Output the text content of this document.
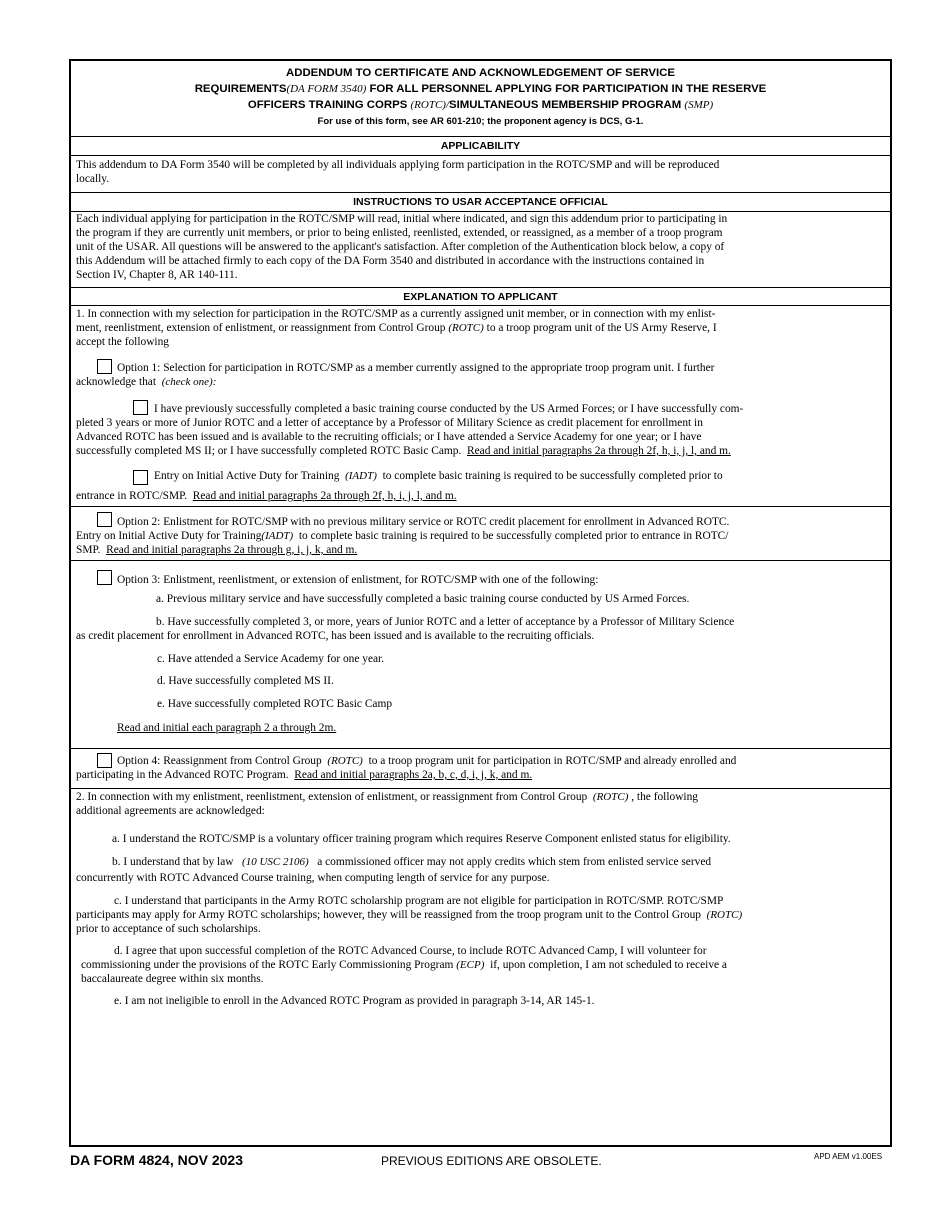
ADDENDUM TO CERTIFICATE AND ACKNOWLEDGEMENT OF SERVICE
REQUIREMENTS(DA FORM 3540) FOR ALL PERSONNEL APPLYING FOR PARTICIPATION IN THE RESERVE
OFFICERS TRAINING CORPS (ROTC)/SIMULTANEOUS MEMBERSHIP PROGRAM (SMP)
For use of this form, see AR 601-210; the proponent agency is DCS, G-1.
APPLICABILITY
This addendum to DA Form 3540 will be completed by all individuals applying form participation in the ROTC/SMP and will be reproduced
locally.
INSTRUCTIONS TO USAR ACCEPTANCE OFFICIAL
Each individual applying for participation in the ROTC/SMP will read, initial where indicated, and sign this addendum prior to participating in
the program if they are currently unit members, or prior to being enlisted, reenlisted, extended, or reassigned, as a member of a troop program
unit of the USAR. All questions will be answered to the applicant's satisfaction. After completion of the Authentication block below, a copy of
this Addendum will be attached firmly to each copy of the DA Form 3540 and distributed in accordance with the instructions contained in
Section IV, Chapter 8, AR 140-111.
EXPLANATION TO APPLICANT
1. In connection with my selection for participation in the ROTC/SMP as a currently assigned unit member, or in connection with my enlist-
ment, reenlistment, extension of enlistment, or reassignment from Control Group (ROTC) to a troop program unit of the US Army Reserve, I
accept the following
Option 1: Selection for participation in ROTC/SMP as a member currently assigned to the appropriate troop program unit. I further
acknowledge that (check one):
I have previously successfully completed a basic training course conducted by the US Armed Forces; or I have successfully com-
pleted 3 years or more of Junior ROTC and a letter of acceptance by a Professor of Military Science as credit placement for enrollment in
Advanced ROTC has been issued and is available to the recruiting officials; or I have attended a Service Academy for one year; or I have
successfully completed MS II; or I have successfully completed ROTC Basic Camp. Read and initial paragraphs 2a through 2f, h, i, j, l, and m.
Entry on Initial Active Duty for Training (IADT) to complete basic training is required to be successfully completed prior to
entrance in ROTC/SMP. Read and initial paragraphs 2a through 2f, h, i, j, l, and m.
Option 2: Enlistment for ROTC/SMP with no previous military service or ROTC credit placement for enrollment in Advanced ROTC.
Entry on Initial Active Duty for Training(IADT) to complete basic training is required to be successfully completed prior to entrance in ROTC/
SMP. Read and initial paragraphs 2a through g, i, j, k, and m.
Option 3: Enlistment, reenlistment, or extension of enlistment, for ROTC/SMP with one of the following:
a. Previous military service and have successfully completed a basic training course conducted by US Armed Forces.
b. Have successfully completed 3, or more, years of Junior ROTC and a letter of acceptance by a Professor of Military Science
as credit placement for enrollment in Advanced ROTC, has been issued and is available to the recruiting officials.
c. Have attended a Service Academy for one year.
d. Have successfully completed MS II.
e. Have successfully completed ROTC Basic Camp
Read and initial each paragraph 2 a through 2m.
Option 4: Reassignment from Control Group (ROTC) to a troop program unit for participation in ROTC/SMP and already enrolled and
participating in the Advanced ROTC Program. Read and initial paragraphs 2a, b, c, d, i, j, k, and m.
2. In connection with my enlistment, reenlistment, extension of enlistment, or reassignment from Control Group (ROTC) , the following
additional agreements are acknowledged:
a. I understand the ROTC/SMP is a voluntary officer training program which requires Reserve Component enlisted status for eligibility.
b. I understand that by law (10 USC 2106) a commissioned officer may not apply credits which stem from enlisted service served
concurrently with ROTC Advanced Course training, when computing length of service for any purpose.
c. I understand that participants in the Army ROTC scholarship program are not eligible for participation in ROTC/SMP. ROTC/SMP
participants may apply for Army ROTC scholarships; however, they will be reassigned from the troop program unit to the Control Group (ROTC)
prior to acceptance of such scholarships.
d. I agree that upon successful completion of the ROTC Advanced Course, to include ROTC Advanced Camp, I will volunteer for
commissioning under the provisions of the ROTC Early Commissioning Program (ECP) if, upon completion, I am not scheduled to receive a
baccalaureate degree within six months.
e. I am not ineligible to enroll in the Advanced ROTC Program as provided in paragraph 3-14, AR 145-1.
DA FORM 4824, NOV 2023	PREVIOUS EDITIONS ARE OBSOLETE.	APD AEM v1.00ES
